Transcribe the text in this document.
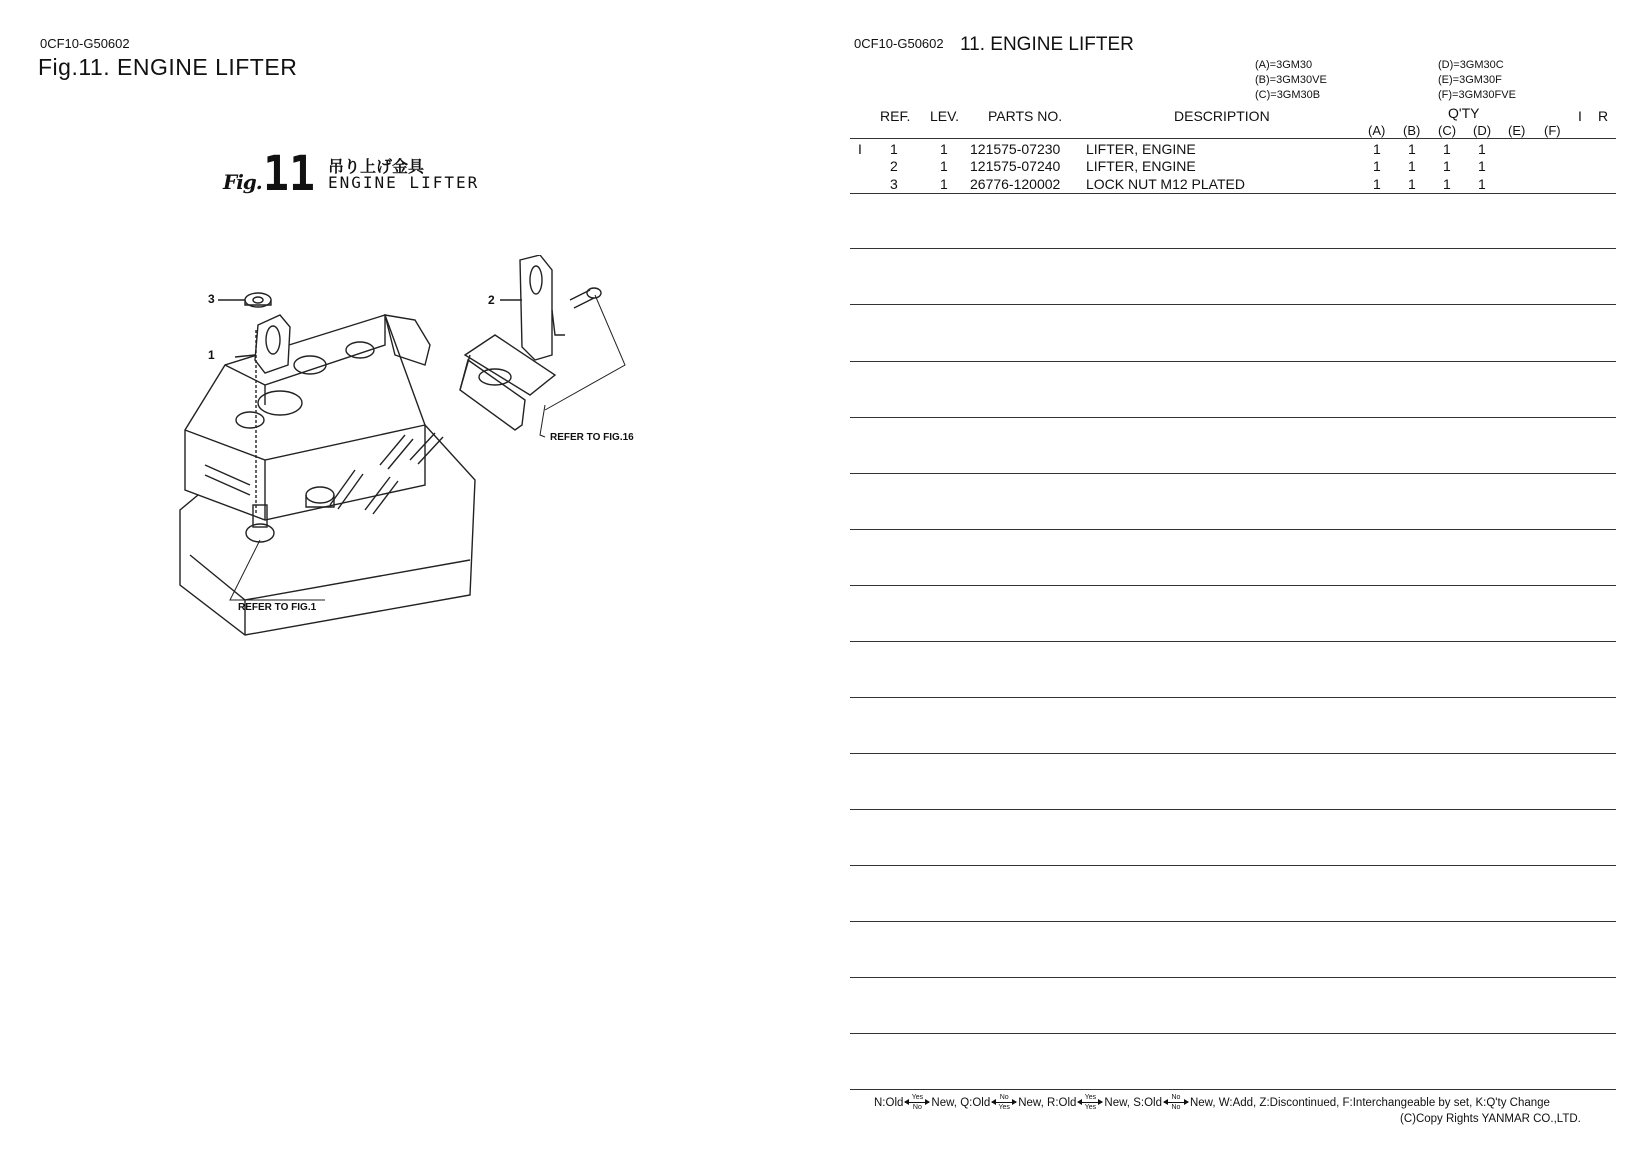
0CF10-G50602
Fig.11. ENGINE LIFTER
Fig. 11 吊り上げ金具
ENGINE LIFTER
3
1
2
REFER TO FIG.16
REFER TO FIG.1
0CF10-G50602 11. ENGINE LIFTER
(A)=3GM30
(B)=3GM30VE
(C)=3GM30B
(D)=3GM30C
(E)=3GM30F
(F)=3GM30FVE
REF. LEV. PARTS NO.	DESCRIPTION	Q'TY	I R
(A) (B) (C) (D) (E) (F)
I 1	1 121575-07230 LIFTER, ENGINE	1 1 1 1
2	1 121575-07240 LIFTER, ENGINE	1 1 1 1
3	1 26776-120002 LOCK NUT M12 PLATED	1 1 1 1
N:Old Yes
No New,
Q:Old No
Yes New,
R:Old Yes
Yes New,
S:Old No
No New, W:Add, Z:Discontinued, F:Interchangeable by set, K:Q'ty Change
(C)Copy Rights YANMAR CO.,LTD.
